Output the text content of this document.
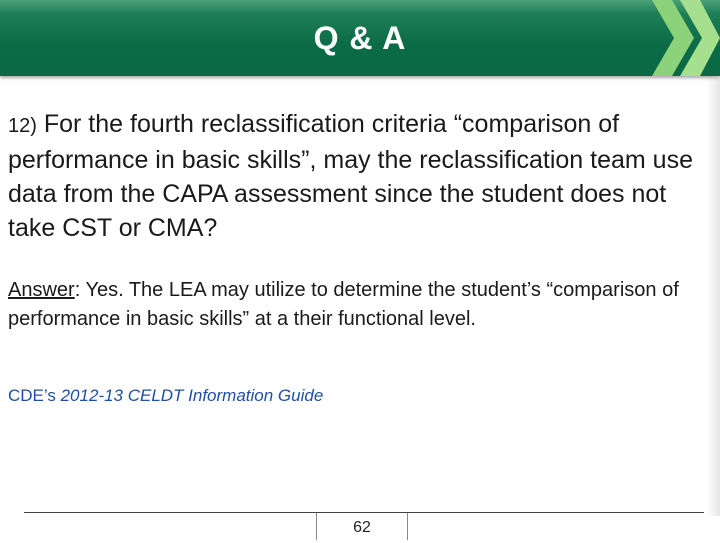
Q & A
12) For the fourth reclassification criteria “comparison of performance in basic skills”, may the reclassification team use data from the CAPA assessment since the student does not take CST or CMA?
Answer: Yes. The LEA may utilize to determine the student’s “comparison of performance in basic skills” at a their functional level.
CDE’s 2012-13 CELDT Information Guide
62
